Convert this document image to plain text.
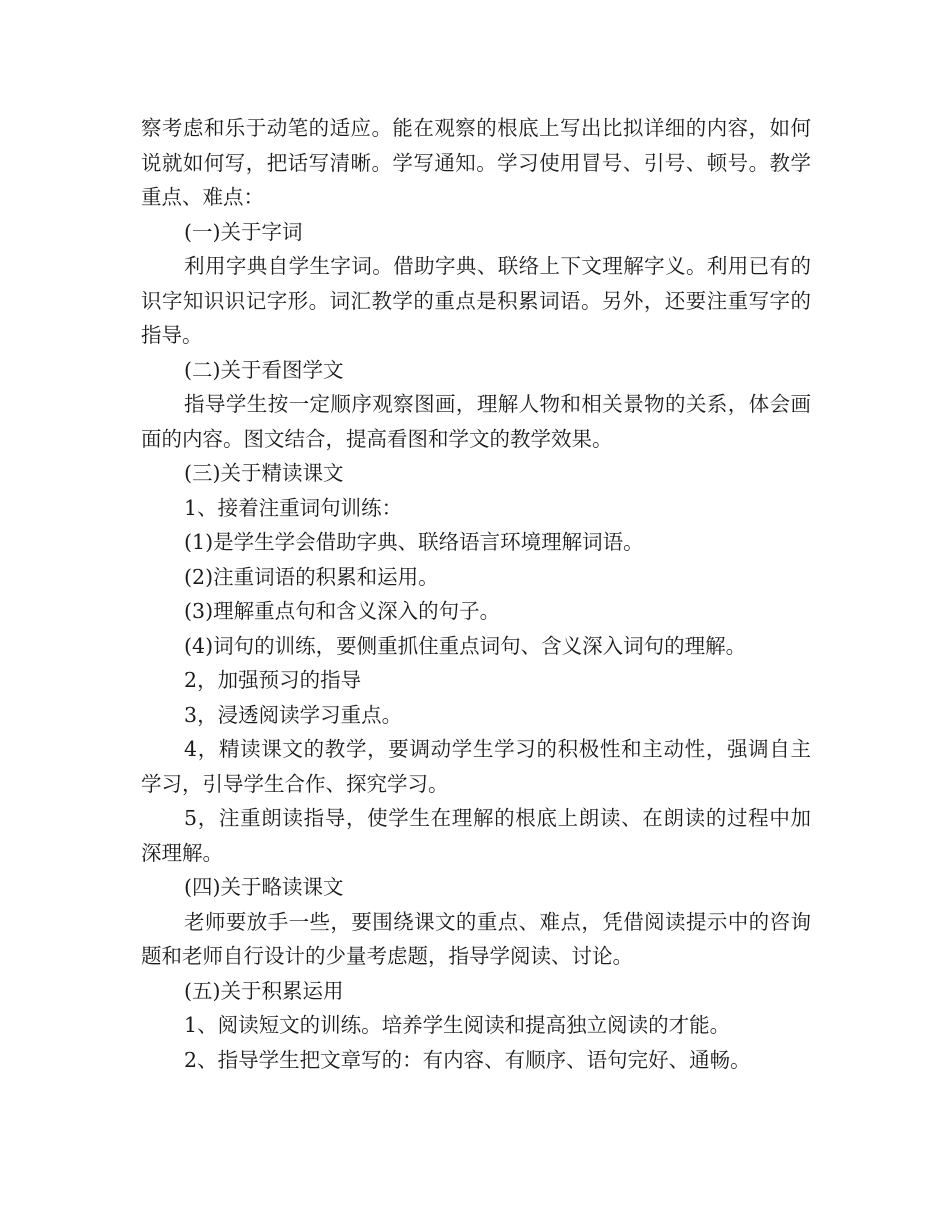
察考虑和乐于动笔的适应。能在观察的根底上写出比拟详细的内容，如何说就如何写，把话写清晰。学写通知。学习使用冒号、引号、顿号。教学重点、难点：

(一)关于字词

利用字典自学生字词。借助字典、联络上下文理解字义。利用已有的识字知识识记字形。词汇教学的重点是积累词语。另外，还要注重写字的指导。

(二)关于看图学文

指导学生按一定顺序观察图画，理解人物和相关景物的关系，体会画面的内容。图文结合，提高看图和学文的教学效果。

(三)关于精读课文

1、接着注重词句训练：

(1)是学生学会借助字典、联络语言环境理解词语。

(2)注重词语的积累和运用。

(3)理解重点句和含义深入的句子。

(4)词句的训练，要侧重抓住重点词句、含义深入词句的理解。

2，加强预习的指导

3，浸透阅读学习重点。

4，精读课文的教学，要调动学生学习的积极性和主动性，强调自主学习，引导学生合作、探究学习。

5，注重朗读指导，使学生在理解的根底上朗读、在朗读的过程中加深理解。

(四)关于略读课文

老师要放手一些，要围绕课文的重点、难点，凭借阅读提示中的咨询题和老师自行设计的少量考虑题，指导学阅读、讨论。

(五)关于积累运用

1、阅读短文的训练。培养学生阅读和提高独立阅读的才能。

2、指导学生把文章写的：有内容、有顺序、语句完好、通畅。
